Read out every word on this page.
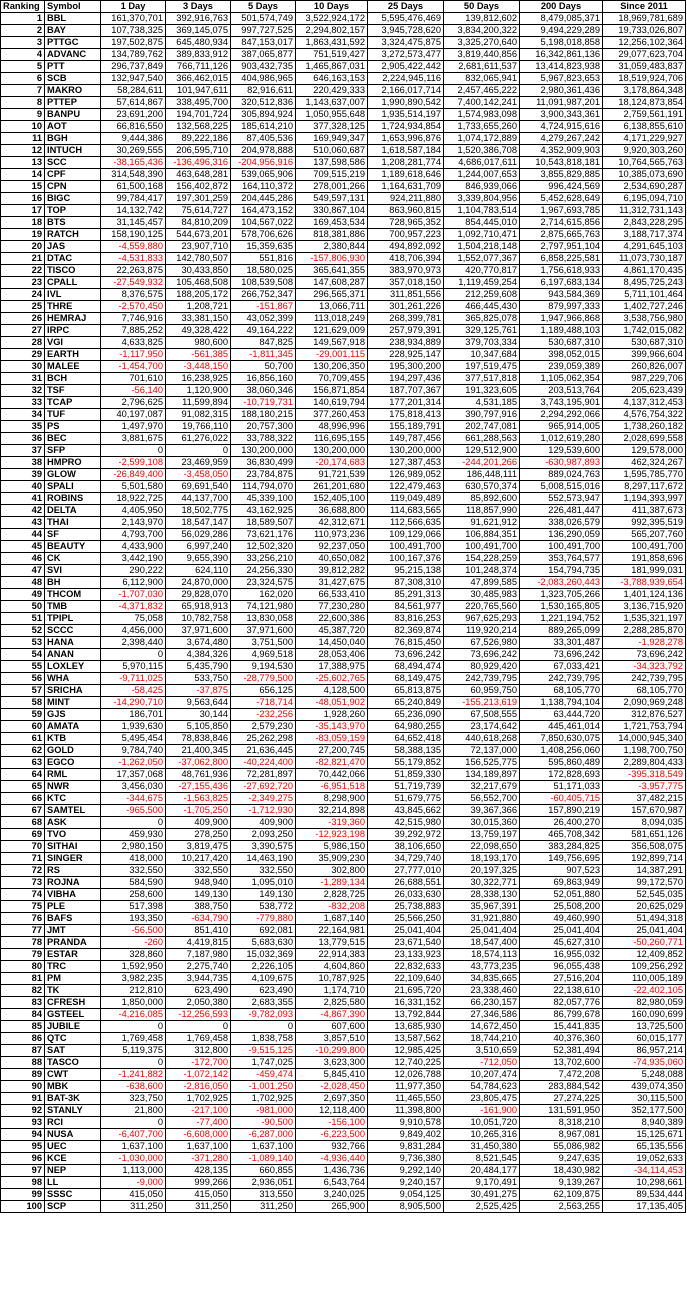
Ranking	Symbol	1 Day	3 Days	5 Days	10 Days	25 Days	50 Days	200 Days	Since 2011
1	BBL	161,370,701	392,916,763	501,574,749	3,522,924,172	5,595,476,469	139,812,602	8,479,085,371	18,969,781,689
2	BAY	107,738,325	369,145,075	997,727,525	2,294,802,157	3,945,728,620	3,834,200,322	9,494,229,289	19,733,026,807
3	PTTGC	197,502,875	645,480,934	847,153,017	1,863,431,592	3,324,475,875	3,325,270,640	5,198,018,858	12,256,102,364
4	ADVANC	134,789,762	389,833,912	387,065,877	751,519,427	3,272,573,477	3,819,440,856	16,342,861,136	29,077,623,704
5	PTT	296,737,849	766,711,126	903,432,735	1,465,867,031	2,905,422,442	2,681,611,537	13,414,823,938	31,059,483,837
6	SCB	132,947,540	366,462,015	404,986,965	646,163,153	2,224,945,116	832,065,941	5,967,823,653	18,519,924,706
7	MAKRO	58,284,611	101,947,611	82,916,611	220,429,333	2,166,017,714	2,457,465,222	2,980,361,436	3,178,864,348
8	PTTEP	57,614,867	338,495,700	320,512,836	1,143,637,007	1,990,890,542	7,400,142,241	11,091,987,201	18,124,873,854
9	BANPU	23,691,200	194,701,724	305,894,924	1,050,955,648	1,935,514,197	1,574,983,098	3,900,343,361	2,759,561,191
10	AOT	66,816,550	132,568,225	185,614,210	377,328,125	1,724,934,854	1,733,655,260	4,724,915,616	6,138,855,610
11	BGH	9,444,386	89,222,186	87,405,536	169,949,347	1,653,996,876	1,074,172,889	4,279,267,242	4,171,229,927
12	INTUCH	30,269,555	206,595,710	204,978,888	510,060,687	1,618,587,184	1,520,386,708	4,352,909,903	9,920,303,260
13	SCC	-38,165,436	-136,496,316	-204,956,916	137,598,586	1,208,281,774	4,686,017,611	10,543,818,181	10,764,565,763
14	CPF	314,548,390	463,648,281	539,065,906	709,515,219	1,189,618,646	1,244,007,653	3,855,829,885	10,385,073,690
15	CPN	61,500,168	156,402,872	164,110,372	278,001,266	1,164,631,709	846,939,066	996,424,569	2,534,690,287
16	BIGC	99,784,417	197,301,259	204,445,286	549,597,131	924,211,880	3,339,804,956	5,452,628,649	6,195,094,710
17	TOP	14,132,742	75,614,727	164,473,152	330,867,104	863,960,815	1,104,783,514	1,967,693,785	11,312,731,143
18	BTS	31,145,457	84,810,209	104,567,022	169,453,534	728,965,352	854,445,010	2,714,615,856	2,843,228,295
19	RATCH	158,190,125	544,673,201	578,706,626	818,381,886	700,957,223	1,092,710,471	2,875,665,763	3,188,717,374
20	JAS	-4,559,880	23,907,710	15,359,635	2,380,844	494,892,092	1,504,218,148	2,797,951,104	4,291,645,103
21	DTAC	-4,531,833	142,780,507	551,816	-157,806,930	418,706,394	1,552,077,367	6,858,225,581	11,073,730,187
22	TISCO	22,263,875	30,433,850	18,580,025	365,641,355	383,970,973	420,770,817	1,756,618,933	4,861,170,435
23	CPALL	-27,549,932	105,468,508	108,539,508	147,608,287	357,018,150	1,119,459,254	6,197,683,134	8,495,725,243
24	IVL	8,376,575	188,205,172	266,752,347	296,565,371	311,851,556	212,259,608	943,584,369	5,711,101,464
25	THRE	-2,570,450	1,208,721	-151,867	13,066,711	301,261,226	466,445,430	879,997,333	1,402,727,246
26	HEMRAJ	7,746,916	33,381,150	43,052,399	113,018,249	268,399,781	365,825,078	1,947,966,868	3,538,756,980
27	IRPC	7,885,252	49,328,422	49,164,222	121,629,009	257,979,391	329,125,761	1,189,488,103	1,742,015,082
28	VGI	4,633,825	980,600	847,825	149,567,918	238,934,889	379,703,334	530,687,310	530,687,310
29	EARTH	-1,117,950	-561,385	-1,811,345	-29,001,115	228,925,147	10,347,684	398,052,015	399,966,604
30	MALEE	-1,454,700	-3,448,150	50,700	130,206,350	195,300,200	197,519,475	239,059,389	260,826,007
31	BCH	701,610	16,238,925	16,856,160	70,709,455	194,297,436	377,517,818	1,105,062,354	987,229,706
32	TSF	-56,140	1,120,900	38,060,346	156,871,854	187,707,367	191,323,605	203,513,764	205,623,439
33	TCAP	2,796,625	11,599,894	-10,719,731	140,619,794	177,201,314	4,531,185	3,743,195,901	4,137,312,453
34	TUF	40,197,087	91,082,315	188,180,215	377,260,453	175,818,413	390,797,916	2,294,292,066	4,576,754,322
35	PS	1,497,970	19,766,110	20,757,300	48,996,996	155,189,791	202,747,081	965,914,005	1,738,260,182
36	BEC	3,881,675	61,276,022	33,788,322	116,695,155	149,787,456	661,288,563	1,012,619,280	2,028,699,558
37	SFP	0	0	130,200,000	130,200,000	130,200,000	129,512,900	129,539,600	129,578,000
38	HMPRO	-2,599,108	23,469,959	36,830,499	-20,174,683	127,387,453	-244,201,266	-630,987,893	462,324,267
39	GLOW	-26,849,400	-3,458,050	23,784,875	91,721,539	126,989,052	186,448,111	889,024,763	1,595,785,770
40	SPALI	5,501,580	69,691,540	114,794,070	261,201,680	122,479,463	630,570,374	5,008,515,016	8,297,117,672
41	ROBINS	18,922,725	44,137,700	45,339,100	152,405,100	119,049,489	85,892,600	552,573,947	1,194,393,997
42	DELTA	4,405,950	18,502,775	43,162,925	36,688,800	114,683,565	118,857,990	226,481,447	411,387,673
43	THAI	2,143,970	18,547,147	18,589,507	42,312,671	112,566,635	91,621,912	338,026,579	992,395,519
44	SF	4,793,700	56,029,286	73,621,176	110,973,236	109,129,066	106,884,351	136,290,059	565,207,760
45	BEAUTY	4,433,900	6,997,240	12,502,320	92,237,050	100,491,700	100,491,700	100,491,700	100,491,700
46	CK	3,442,190	9,655,390	33,256,210	40,650,082	100,167,376	154,228,259	353,764,577	191,858,696
47	SVI	290,222	624,110	24,256,330	39,812,282	95,215,138	101,248,374	154,794,735	181,999,031
48	BH	6,112,900	24,870,000	23,324,575	31,427,675	87,308,310	47,899,585	-2,083,260,443	-3,788,939,654
49	THCOM	-1,707,030	29,828,070	162,020	66,533,410	85,291,313	30,485,983	1,323,705,266	1,401,124,136
50	TMB	-4,371,832	65,918,913	74,121,980	77,230,280	84,561,977	220,765,560	1,530,165,805	3,136,715,920
51	TPIPL	75,058	10,782,758	13,830,058	22,600,386	83,816,253	967,625,293	1,221,194,752	1,535,321,197
52	SCCC	4,456,000	37,971,600	37,971,600	45,387,720	82,369,874	119,920,214	889,265,099	2,288,285,870
53	HANA	2,398,440	3,674,480	3,751,500	14,450,040	76,815,450	67,526,980	33,301,487	-1,928,278
54	ANAN	0	4,384,326	4,969,518	28,053,406	73,696,242	73,696,242	73,696,242	73,696,242
55	LOXLEY	5,970,115	5,435,790	9,194,530	17,388,975	68,494,474	80,929,420	67,033,421	-34,323,792
56	WHA	-9,711,025	533,750	-28,779,500	-25,602,765	68,149,475	242,739,795	242,739,795	242,739,795
57	SRICHA	-58,425	-37,875	656,125	4,128,500	65,813,875	60,959,750	68,105,770	68,105,770
58	MINT	-14,290,710	9,563,644	-718,714	-48,051,902	65,240,849	-155,213,619	1,138,794,104	2,090,969,248
59	GJS	186,701	30,144	-232,256	1,928,260	65,236,090	67,508,555	63,444,720	312,876,527
60	AMATA	1,939,630	5,105,850	2,579,230	-35,143,970	64,980,255	23,174,642	445,461,014	1,721,753,794
61	KTB	5,495,454	78,838,846	25,262,298	-83,059,159	64,652,418	440,618,268	7,850,630,075	14,000,945,340
62	GOLD	9,784,740	21,400,345	21,636,445	27,200,745	58,388,135	72,137,000	1,408,256,060	1,198,700,750
63	EGCO	-1,262,050	-37,062,800	-40,224,400	-82,821,470	55,179,852	156,525,775	595,860,489	2,289,804,433
64	RML	17,357,068	48,761,936	72,281,897	70,442,066	51,859,330	134,189,897	172,828,693	-395,318,549
65	NWR	3,456,030	-27,155,436	-27,692,720	-6,951,518	51,719,739	32,217,679	51,171,033	-3,957,775
66	KTC	-344,675	-1,563,825	-2,349,275	8,298,900	51,679,775	56,552,700	-60,405,715	37,482,215
67	SAMTEL	-965,500	-1,705,250	-1,712,930	32,214,898	43,845,662	39,367,366	157,890,219	157,670,987
68	ASK	0	409,900	409,900	-319,360	42,515,980	30,015,360	26,400,270	8,094,035
69	TVO	459,930	278,250	2,093,250	-12,923,198	39,292,972	13,759,197	465,708,342	581,651,126
70	SITHAI	2,980,150	3,819,475	3,390,575	5,986,150	38,106,650	22,098,650	383,284,825	356,508,075
71	SINGER	418,000	10,217,420	14,463,190	35,909,230	34,729,740	18,193,170	149,756,695	192,899,714
72	RS	332,550	332,550	332,550	302,800	27,777,010	20,197,325	907,523	14,387,291
73	ROJNA	584,590	948,940	1,095,010	-1,289,134	26,688,551	30,322,771	69,863,949	99,172,570
74	VIBHA	258,600	149,130	149,130	2,828,725	26,033,630	28,338,130	52,051,880	52,545,035
75	PLE	517,398	388,750	538,772	-832,208	25,738,883	35,967,391	25,508,200	20,625,029
76	BAFS	193,350	-634,790	-779,880	1,687,140	25,566,250	31,921,880	49,460,990	51,494,318
77	JMT	-56,500	851,410	692,081	22,164,981	25,041,404	25,041,404	25,041,404	25,041,404
78	PRANDA	-260	4,419,815	5,683,630	13,779,515	23,671,540	18,547,400	45,627,310	-50,260,771
79	ESTAR	328,860	7,187,980	15,032,369	22,914,383	23,133,923	18,574,113	16,955,032	12,409,852
80	TRC	1,592,950	2,275,740	2,226,105	4,604,860	22,832,633	43,773,235	96,055,438	109,256,292
81	PM	3,982,235	3,944,735	4,109,675	10,787,925	22,109,640	34,835,665	27,516,204	110,005,189
82	TK	212,810	623,490	623,490	1,174,710	21,695,720	23,338,460	22,138,610	-22,402,105
83	CFRESH	1,850,000	2,050,380	2,683,355	2,825,580	16,331,152	66,230,157	82,057,776	82,980,059
84	GSTEEL	-4,216,085	-12,256,593	-9,782,093	-4,867,390	13,792,844	27,346,586	86,799,678	160,090,699
85	JUBILE	0	0	0	607,600	13,685,930	14,672,450	15,441,835	13,725,500
86	QTC	1,769,458	1,769,458	1,838,758	3,857,510	13,587,562	18,744,210	40,376,360	60,015,177
87	SAT	5,119,375	312,800	-9,515,125	-10,299,800	12,985,425	3,510,659	52,381,494	86,957,214
88	TASCO	0	-172,700	1,747,025	3,623,300	12,740,225	-712,050	13,702,600	-74,935,060
89	CWT	-1,241,882	-1,072,142	-459,474	5,845,410	12,026,788	10,207,474	7,472,208	5,248,088
90	MBK	-638,600	-2,816,050	-1,001,250	-2,028,450	11,977,350	54,784,623	283,884,542	439,074,350
91	BAT-3K	323,750	1,702,925	1,702,925	2,697,350	11,465,550	23,805,475	27,274,225	30,115,500
92	STANLY	21,800	-217,100	-981,000	12,118,400	11,398,800	-161,900	131,591,950	352,177,500
93	RCI	0	-77,400	-90,500	-156,100	9,910,578	10,051,720	8,318,210	8,940,389
94	NUSA	-6,407,700	-6,608,000	-6,287,000	-6,223,500	9,849,402	10,265,316	8,967,081	15,125,671
95	UEC	1,637,100	1,637,100	1,637,100	932,766	9,831,284	31,450,380	55,086,982	65,135,556
96	KCE	-1,030,000	-371,280	-1,089,140	-4,936,440	9,736,380	8,521,545	9,247,635	19,052,633
97	NEP	1,113,000	428,135	660,855	1,436,736	9,292,140	20,484,177	18,430,982	-34,114,453
98	LL	-9,000	999,266	2,936,051	6,543,764	9,240,157	9,170,491	9,139,267	10,298,661
99	SSSC	415,050	415,050	313,550	3,240,025	9,054,125	30,491,275	62,109,875	89,534,444
100	SCP	311,250	311,250	311,250	265,900	8,905,500	2,525,425	2,563,255	17,135,405
